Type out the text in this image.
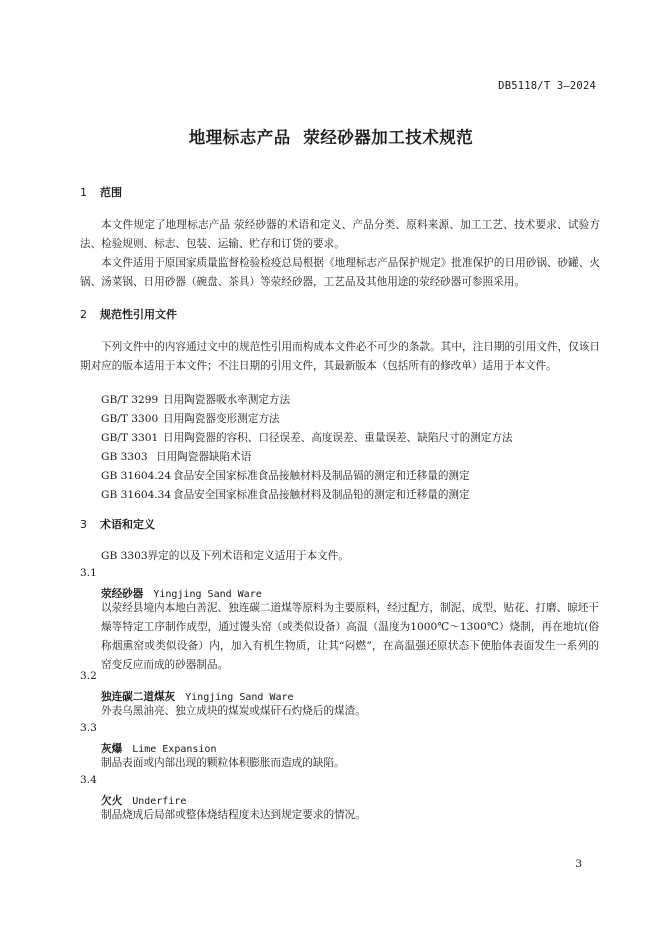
DB5118/T 3—2024
地理标志产品  荥经砂器加工技术规范
1 范围
本文件规定了地理标志产品 荥经砂器的术语和定义、产品分类、原料来源、加工工艺、技术要求、试验方法、检验规则、标志、包装、运输、贮存和订货的要求。
本文件适用于原国家质量监督检验检疫总局根据《地理标志产品保护规定》批准保护的日用砂锅、砂罐、火锅、汤菜锅、日用砂器（碗盘、茶具）等荥经砂器，工艺品及其他用途的荥经砂器可参照采用。
2 规范性引用文件
下列文件中的内容通过文中的规范性引用而构成本文件必不可少的条款。其中，注日期的引用文件，仅该日期对应的版本适用于本文件；不注日期的引用文件，其最新版本（包括所有的修改单）适用于本文件。
GB/T 3299 日用陶瓷器吸水率测定方法
GB/T 3300 日用陶瓷器变形测定方法
GB/T 3301 日用陶瓷器的容积、口径误差、高度误差、重量误差、缺陷尺寸的测定方法
GB 3303 日用陶瓷器缺陷术语
GB 31604.24 食品安全国家标准食品接触材料及制品镉的测定和迁移量的测定
GB 31604.34 食品安全国家标准食品接触材料及制品铅的测定和迁移量的测定
3 术语和定义
GB 3303界定的以及下列术语和定义适用于本文件。
3.1
荥经砂器 Yingjing Sand Ware
以荥经县境内本地白善泥、独连碳二道煤等原料为主要原料，经过配方，制泥、成型、贴花、打磨、晾坯干燥等特定工序制作成型，通过馒头窑（或类似设备）高温（温度为1000℃～1300℃）烧制，再在地坑(俗称烟熏窑或类似设备）内，加入有机生物质，让其“闷燃”，在高温强还原状态下使胎体表面发生一系列的窑变反应而成的砂器制品。
3.2
独连碳二道煤灰 Yingjing Sand Ware
外表乌黑油亮、独立成块的煤炭或煤矸石灼烧后的煤渣。
3.3
灰爆 Lime Expansion
制品表面或内部出现的颗粒体积膨胀而造成的缺陷。
3.4
欠火 Underfire
制品烧成后局部或整体烧结程度未达到规定要求的情况。
3
